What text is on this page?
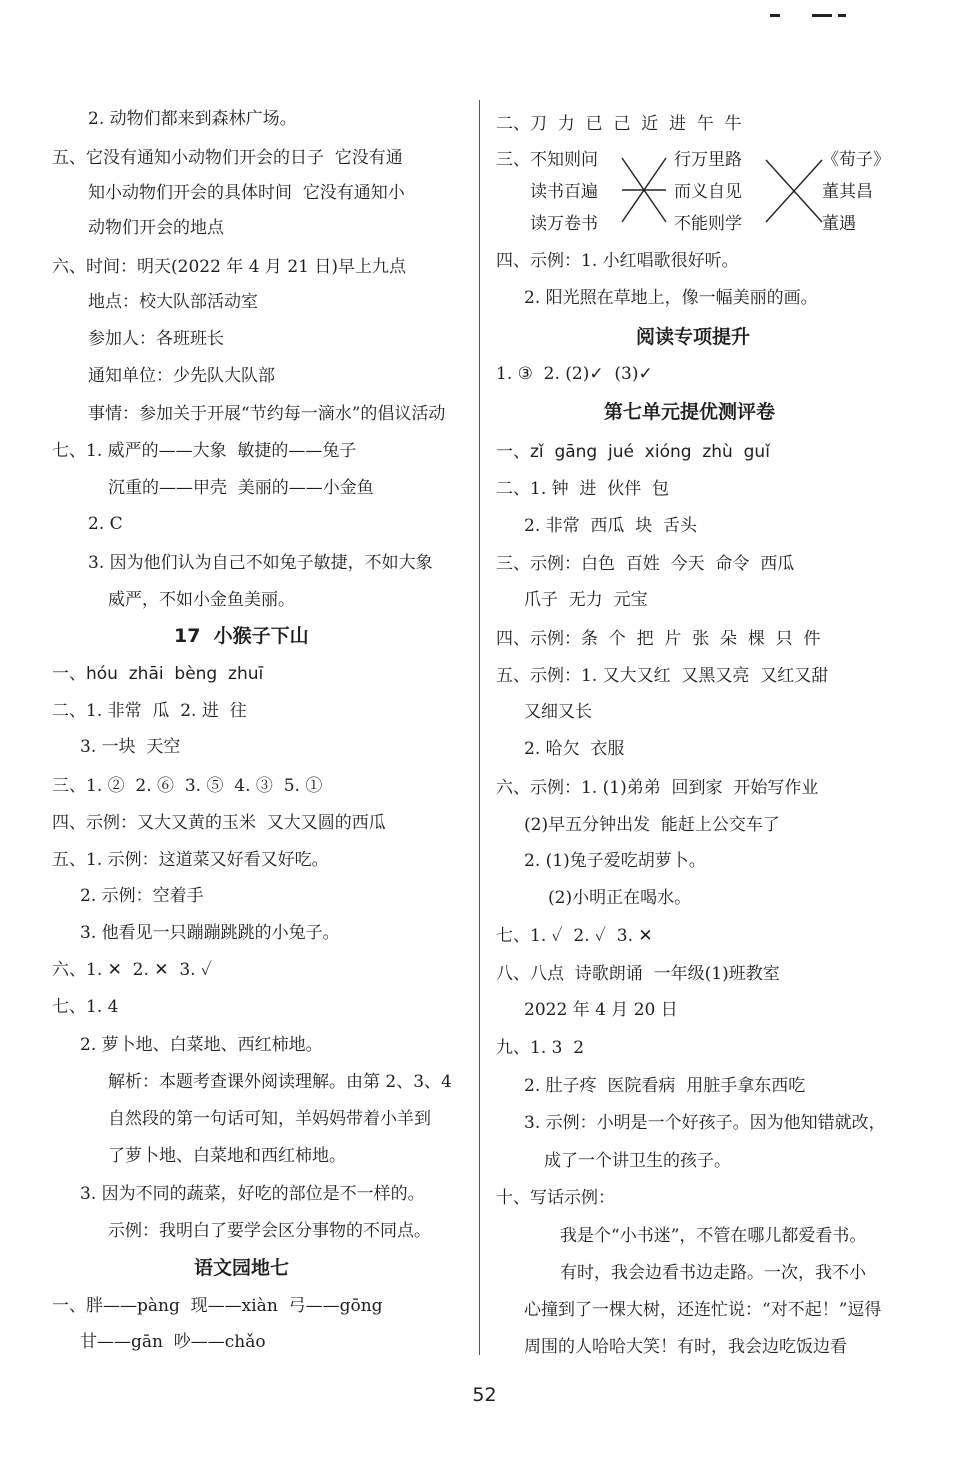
2. 动物们都来到森林广场。
五、它没有通知小动物们开会的日子  它没有通
知小动物们开会的具体时间  它没有通知小
动物们开会的地点
六、时间：明天(2022 年 4 月 21 日)早上九点
地点：校大队部活动室
参加人：各班班长
通知单位：少先队大队部
事情：参加关于开展“节约每一滴水”的倡议活动
七、1. 威严的——大象  敏捷的——兔子
沉重的——甲壳  美丽的——小金鱼
2. C
3. 因为他们认为自己不如兔子敏捷，不如大象
威严，不如小金鱼美丽。
17  小猴子下山
一、hóu  zhāi  bèng  zhuī
二、1. 非常  瓜  2. 进  往
3. 一块  天空
三、1. ②  2. ⑥  3. ⑤  4. ③  5. ①
四、示例：又大又黄的玉米  又大又圆的西瓜
五、1. 示例：这道菜又好看又好吃。
2. 示例：空着手
3. 他看见一只蹦蹦跳跳的小兔子。
六、1. ✕  2. ✕  3. ✓
七、1. 4
2. 萝卜地、白菜地、西红柿地。
解析：本题考查课外阅读理解。由第 2、3、4
自然段的第一句话可知，羊妈妈带着小羊到
了萝卜地、白菜地和西红柿地。
3. 因为不同的蔬菜，好吃的部位是不一样的。
示例：我明白了要学会区分事物的不同点。
语文园地七
一、胖——pàng  现——xiàn  弓——gōng
甘——gān  吵——chǎo
二、刀  力  已  己  近  进  午  牛
三、不知则问
读书百遍
读万卷书
行万里路
而义自见
不能则学
《荀子》
董其昌
董遇
四、示例：1. 小红唱歌很好听。
2. 阳光照在草地上，像一幅美丽的画。
阅读专项提升
1. ③  2. (2)✓  (3)✓
第七单元提优测评卷
一、zǐ  gāng  jué  xióng  zhù  guǐ
二、1. 钟  进  伙伴  包
2. 非常  西瓜  块  舌头
三、示例：白色  百姓  今天  命令  西瓜
爪子  无力  元宝
四、示例：条  个  把  片  张  朵  棵  只  件
五、示例：1. 又大又红  又黑又亮  又红又甜
又细又长
2. 哈欠  衣服
六、示例：1. (1)弟弟  回到家  开始写作业
(2)早五分钟出发  能赶上公交车了
2. (1)兔子爱吃胡萝卜。
(2)小明正在喝水。
七、1. ✓  2. ✓  3. ✕
八、八点  诗歌朗诵  一年级(1)班教室
2022 年 4 月 20 日
九、1. 3  2
2. 肚子疼  医院看病  用脏手拿东西吃
3. 示例：小明是一个好孩子。因为他知错就改，
成了一个讲卫生的孩子。
十、写话示例：
我是个“小书迷”，不管在哪儿都爱看书。
有时，我会边看书边走路。一次，我不小
心撞到了一棵大树，还连忙说：“对不起！”逗得
周围的人哈哈大笑！有时，我会边吃饭边看
52
